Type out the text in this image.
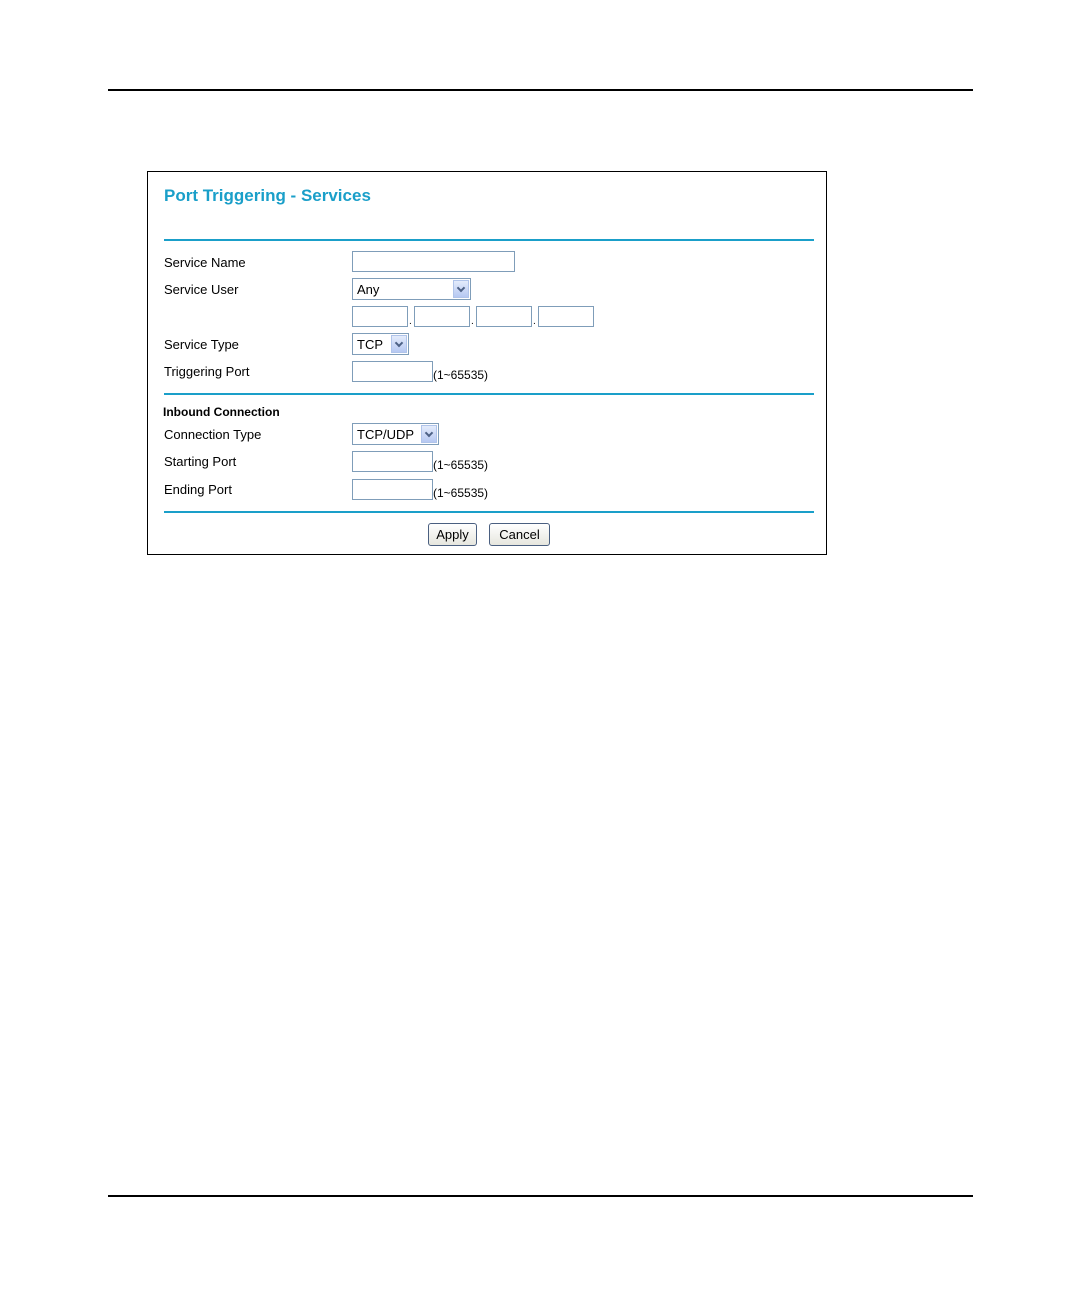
Port Triggering - Services
Service Name
Service User	Any
.	.	.
Service Type	TCP
Triggering Port	(1~65535)
Inbound Connection
Connection Type	TCP/UDP
Starting Port	(1~65535)
Ending Port	(1~65535)
Apply	Cancel
